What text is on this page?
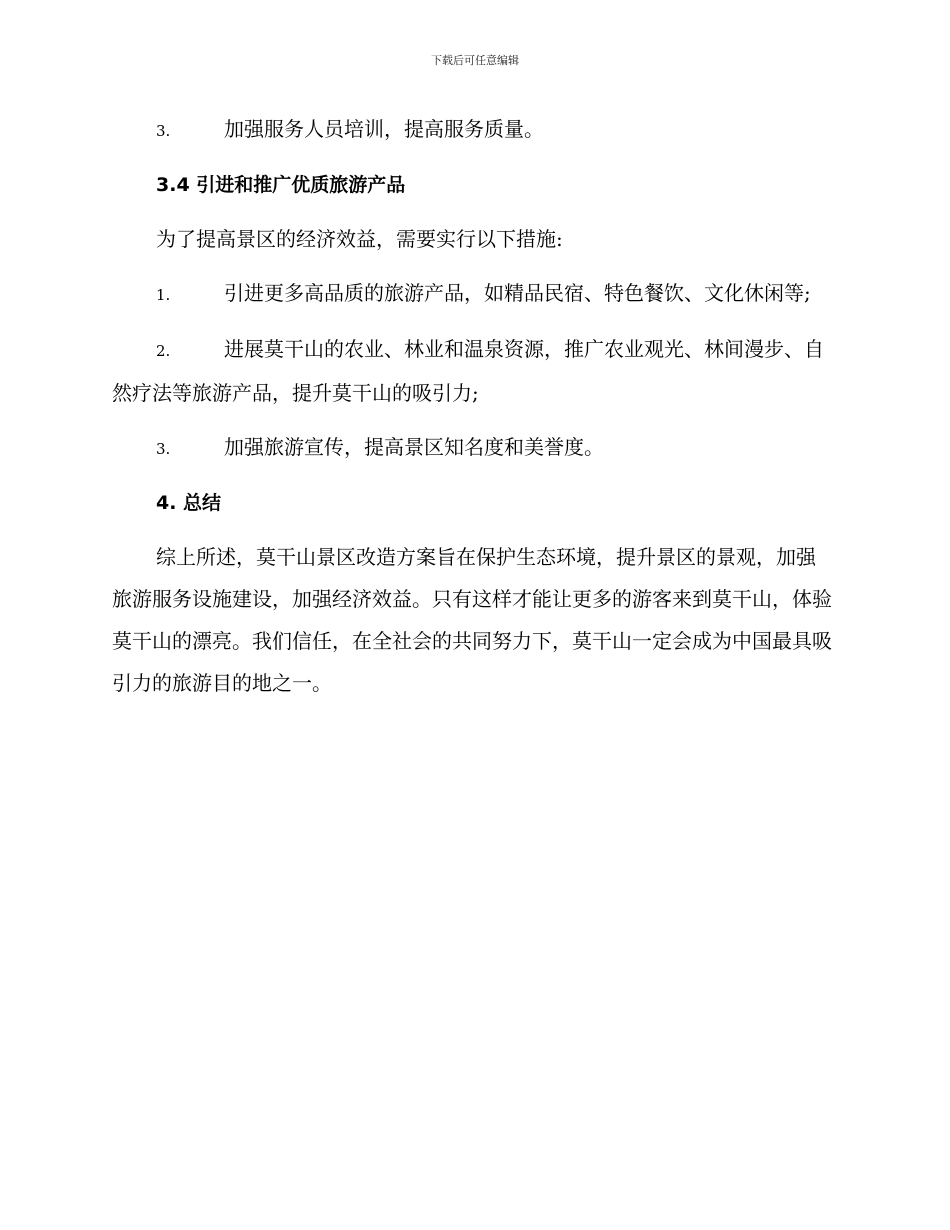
下载后可任意编辑

3.	加强服务人员培训，提高服务质量。

3.4 引进和推广优质旅游产品

为了提高景区的经济效益，需要实行以下措施:

1.	引进更多高品质的旅游产品，如精品民宿、特色餐饮、文化休闲等;

2.	进展莫干山的农业、林业和温泉资源，推广农业观光、林间漫步、自然疗法等旅游产品，提升莫干山的吸引力;

3.	加强旅游宣传，提高景区知名度和美誉度。

4. 总结

综上所述，莫干山景区改造方案旨在保护生态环境，提升景区的景观，加强旅游服务设施建设，加强经济效益。只有这样才能让更多的游客来到莫干山，体验莫干山的漂亮。我们信任，在全社会的共同努力下，莫干山一定会成为中国最具吸引力的旅游目的地之一。
